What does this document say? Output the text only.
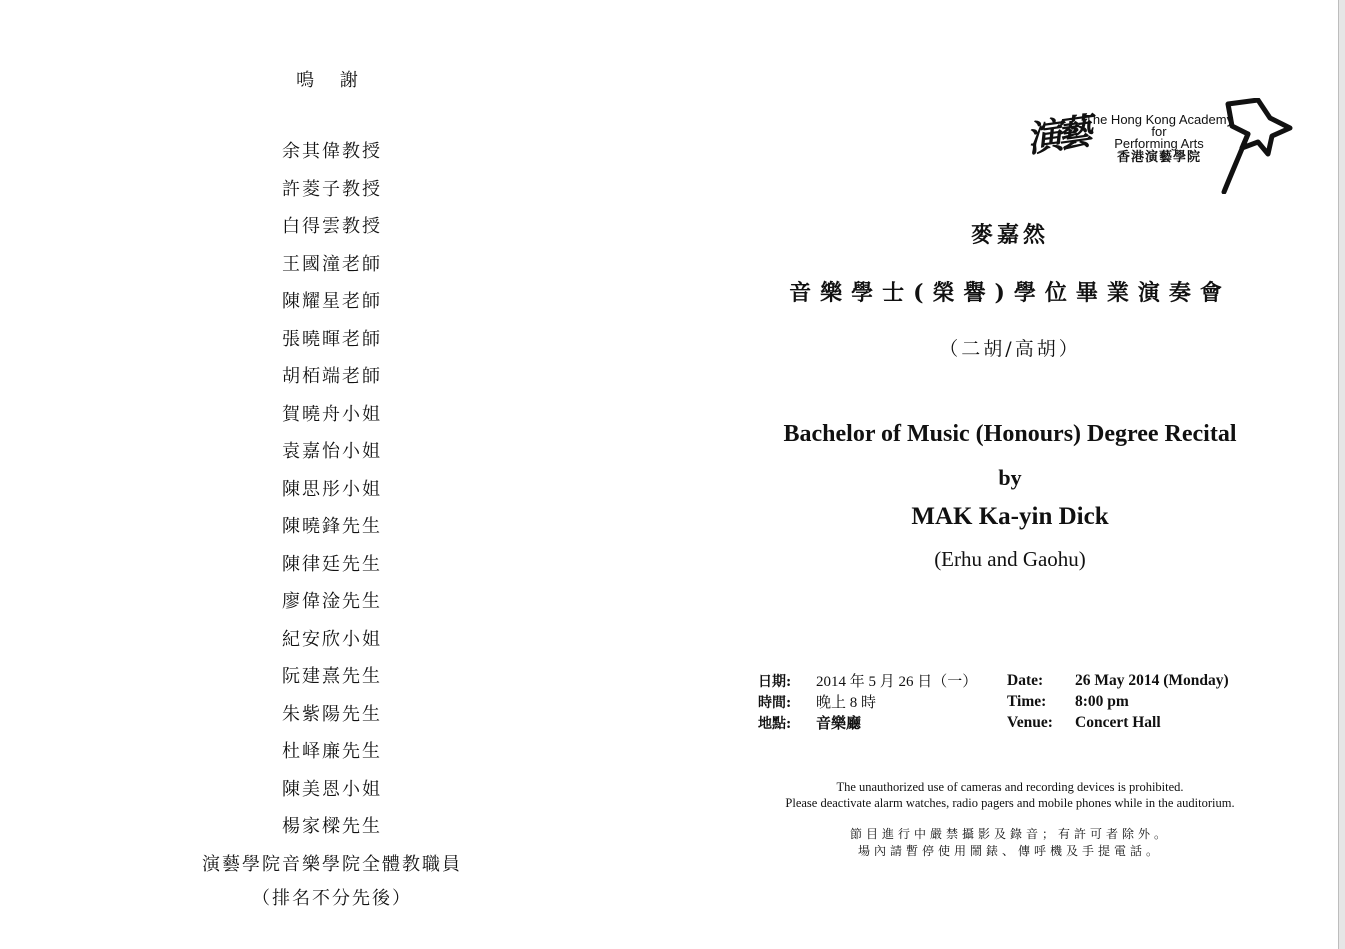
鳴 謝
余其偉教授
許菱子教授
白得雲教授
王國潼老師
陳耀星老師
張曉暉老師
胡栢端老師
賀曉舟小姐
袁嘉怡小姐
陳思彤小姐
陳曉鋒先生
陳律廷先生
廖偉淦先生
紀安欣小姐
阮建熹先生
朱紫陽先生
杜峄廉先生
陳美恩小姐
楊家樑先生
演藝學院音樂學院全體教職員
（排名不分先後）
演藝
The Hong Kong Academy
for
Performing Arts
香港演藝學院
麥嘉然
音樂學士(榮譽)學位畢業演奏會
（二胡/高胡）
Bachelor of Music (Honours) Degree Recital
by
MAK Ka-yin Dick
(Erhu and Gaohu)
日期: 2014 年 5 月 26 日（一）
時間: 晚上 8 時
地點: 音樂廳
Date: 26 May 2014 (Monday)
Time: 8:00 pm
Venue: Concert Hall
The unauthorized use of cameras and recording devices is prohibited.
Please deactivate alarm watches, radio pagers and mobile phones while in the auditorium.
節目進行中嚴禁攝影及錄音；有許可者除外。
場內請暫停使用鬧錶、傳呼機及手提電話。
